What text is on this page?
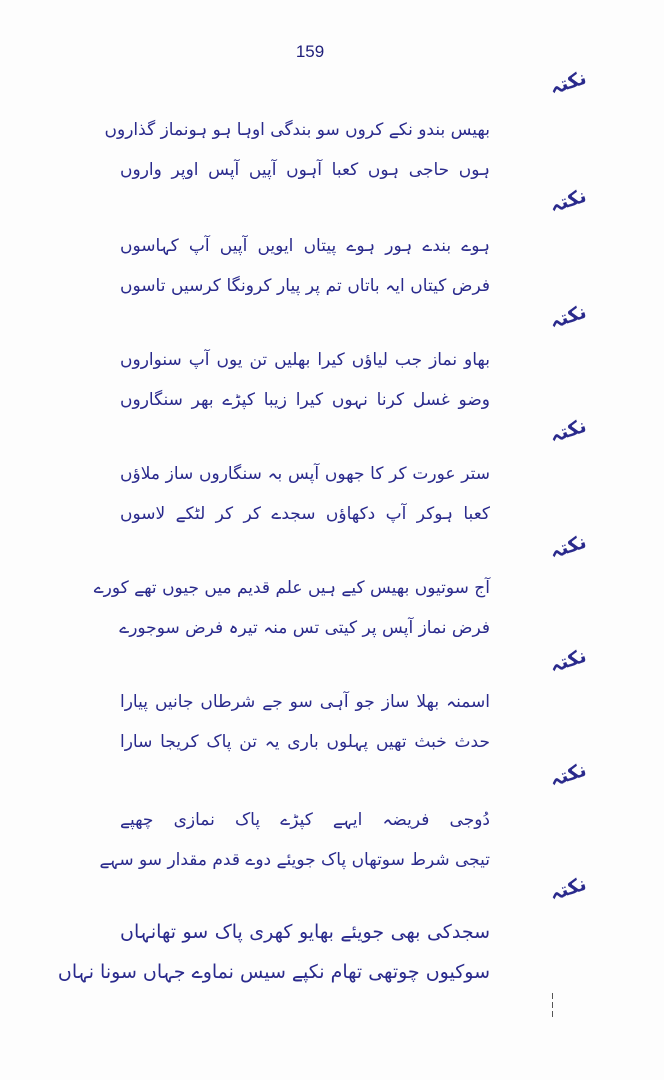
159
نکتہ
نکتہ
نکتہ
نکتہ
نکتہ
نکتہ
نکتہ
نکتہ
بھیس بندو نکے کروں سو بندگی اوہا ہو ہونماز گذاروں
ہوں حاجی ہوں کعبا آہوں آپیں آپس اوپر واروں
ہوے بندے ہور ہوے پیتاں ایویں آپیں آپ کہاسوں
فرض کیتاں ایہ باتاں تم پر پیار کرونگا کرسیں تاسوں
بھاو نماز جب لیاؤں کیرا بھلیں تن یوں آپ سنواروں
وضو غسل کرنا نہوں کیرا زیبا کپڑے بھر سنگاروں
ستر عورت کر کا جھوں آپس بہ سنگاروں ساز ملاؤں
کعبا ہوکر آپ دکھاؤں سجدے کر کر لٹکے لاسوں
آج سوتیوں بھیس کیے ہیں علم قدیم میں جیوں تھے کورے
فرض نماز آپس پر کیتی تس منہ تیرہ فرض سوجورے
اسمنہ بھلا ساز جو آہی سو جے شرطاں جانیں پیارا
حدث خبث تھیں پہلوں باری یہ تن پاک کریجا سارا
دُوجی فریضہ ایہے کپڑے پاک نمازی چھپے
تیجی شرط سوتھاں پاک جویئے دوے قدم مقدار سو سہے
سجدکی بھی جویئے بھایو کھری پاک سو تھانہاں
سوکیوں چوتھی تھام نکپے سیس نماوے جہاں سونا نہاں
